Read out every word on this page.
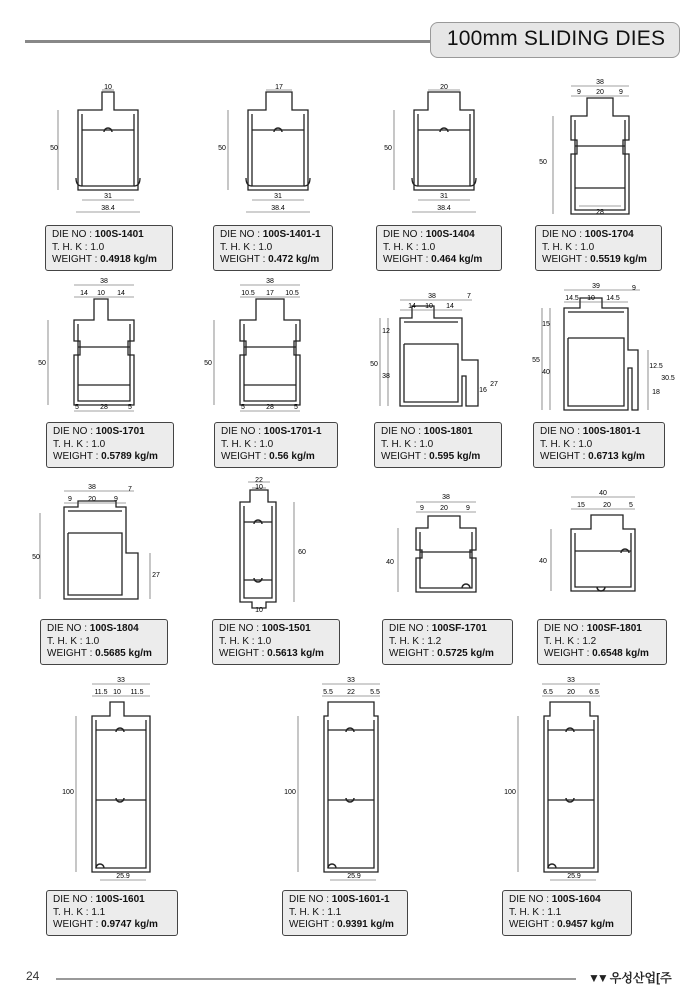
100mm SLIDING DIES
10
50
31
38.4
DIE NO : 100S-1401
T. H. K : 1.0
WEIGHT : 0.4918 kg/m
17
50
31
38.4
DIE NO : 100S-1401-1
T. H. K : 1.0
WEIGHT : 0.472 kg/m
20
50
31
38.4
DIE NO : 100S-1404
T. H. K : 1.0
WEIGHT : 0.464 kg/m
38
9 20 9
50
28
DIE NO : 100S-1704
T. H. K : 1.0
WEIGHT : 0.5519 kg/m
38
14 10 14
50
5	28	5
DIE NO : 100S-1701
T. H. K : 1.0
WEIGHT : 0.5789 kg/m
38
10.5 17 10.5
50
5	28	5
DIE NO : 100S-1701-1
T. H. K : 1.0
WEIGHT : 0.56 kg/m
38	7
14 10 14
12
50
38
16
27
DIE NO : 100S-1801
T. H. K : 1.0
WEIGHT : 0.595 kg/m
39	9
14.5 10 14.5
15
55
40
12.5
30.5
18
DIE NO : 100S-1801-1
T. H. K : 1.0
WEIGHT : 0.6713 kg/m
38	7
9 20	9
50
27
DIE NO : 100S-1804
T. H. K : 1.0
WEIGHT : 0.5685 kg/m
22
10
60
10
DIE NO : 100S-1501
T. H. K : 1.0
WEIGHT : 0.5613 kg/m
38
9 20	9
40
DIE NO : 100SF-1701
T. H. K : 1.2
WEIGHT : 0.5725 kg/m
40
15	20	5
40
DIE NO : 100SF-1801
T. H. K : 1.2
WEIGHT : 0.6548 kg/m
33
11.5 10 11.5
100
25.9
DIE NO : 100S-1601
T. H. K : 1.1
WEIGHT : 0.9747 kg/m
33
5.5 22 5.5
100
25.9
DIE NO : 100S-1601-1
T. H. K : 1.1
WEIGHT : 0.9391 kg/m
33
6.5 20 6.5
100
25.9
DIE NO : 100S-1604
T. H. K : 1.1
WEIGHT : 0.9457 kg/m
24	▼▼ 우성산업[주
